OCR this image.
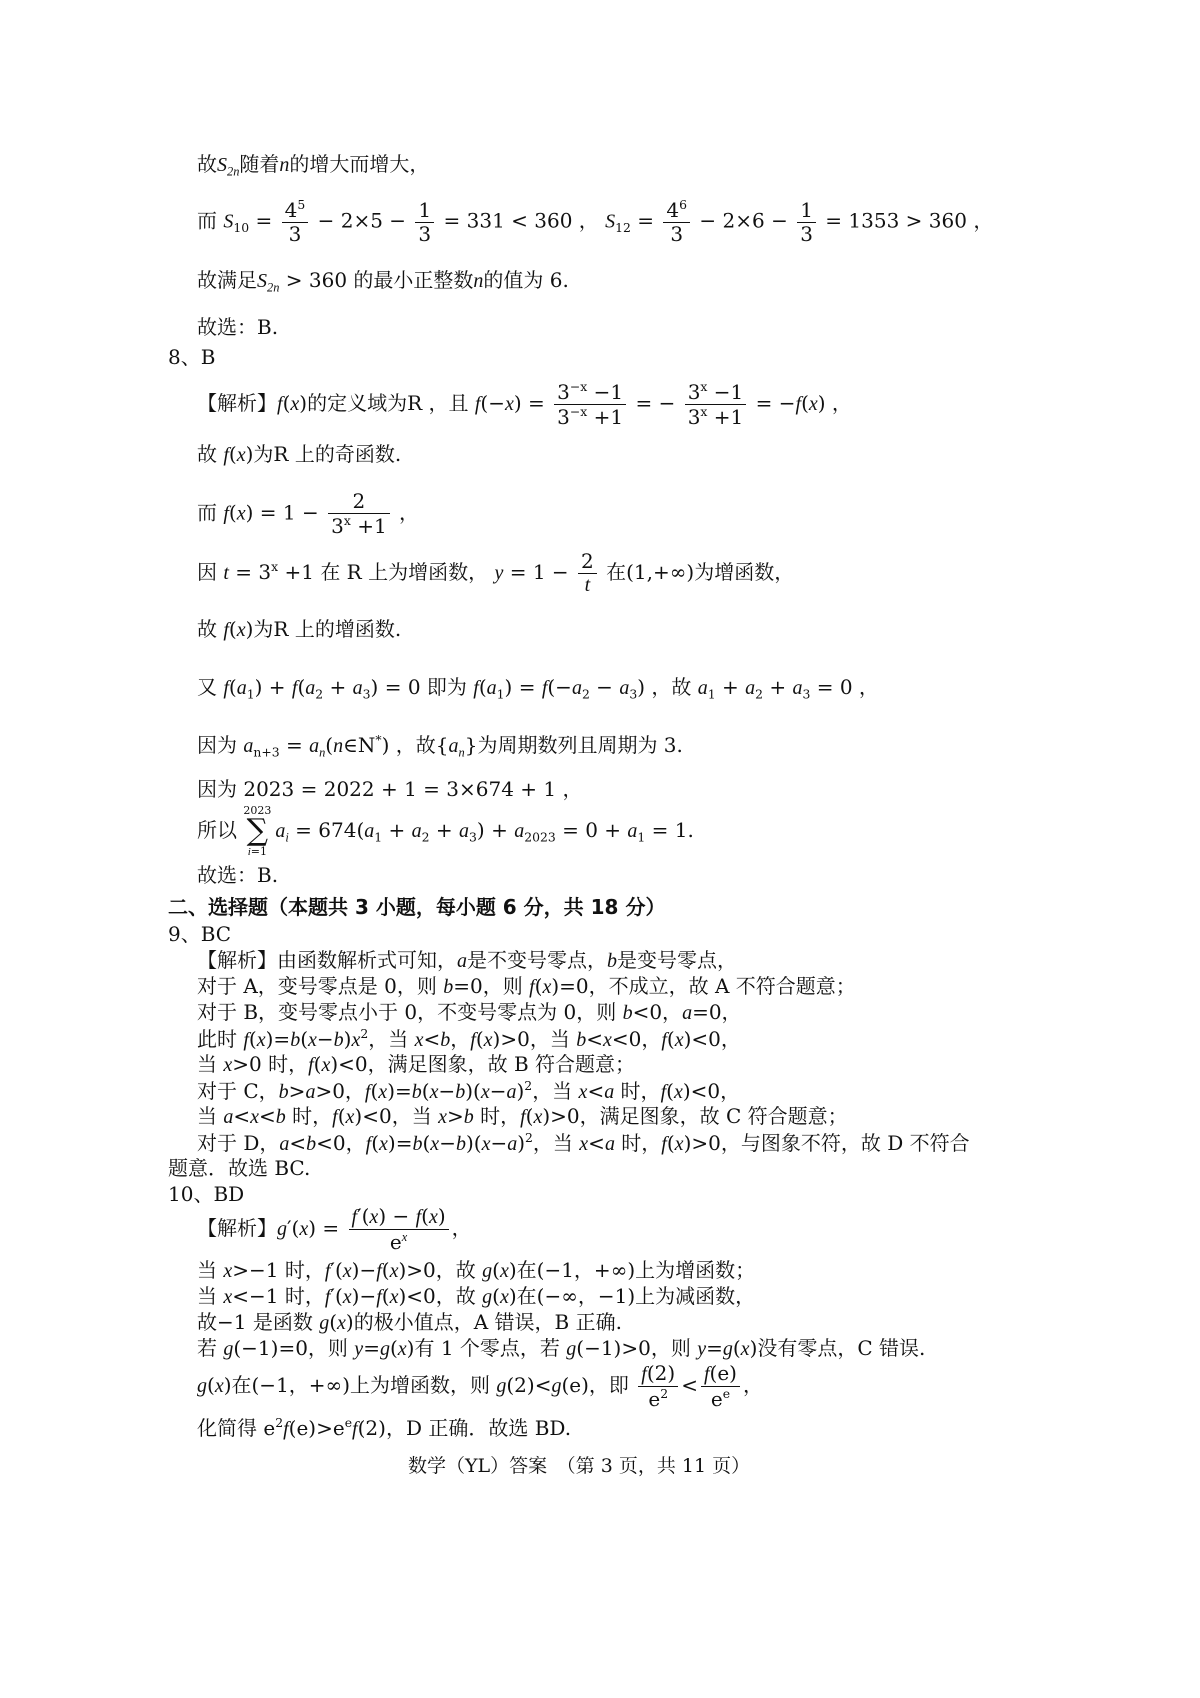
故$S_{2n}$随着n的增大而增大，
而 $S_{10} = \frac{4^5}{3} - 2\times 5 - \frac{1}{3} = 331 < 360$ ， $S_{12} = \frac{4^6}{3} - 2\times 6 - \frac{1}{3} = 1353 > 360$ ，
故满足$S_{2n} > 360$ 的最小正整数n的值为 6.
故选：B.
8、B
【解析】f(x)的定义域为R ，且 $f(-x) = \frac{3^{-x} -1}{3^{-x} +1}$ = − $\frac{3^x -1}{3^x +1} = -f(x)$ ，
故 f(x)为R 上的奇函数.
而 $f(x) = 1 - \frac{2}{3^x +1}$ ，
因 $t = 3^x +1$ 在 R 上为增函数， $y = 1 - \frac{2}{t}$ 在(1,+∞)为增函数，
故 f(x)为R 上的增函数.
又 $f(a_1) + f(a_2 + a_3) = 0$ 即为 $f(a_1) = f(-a_2 - a_3)$ ，故 $a_1 + a_2 + a_3 = 0$ ，
因为 $a_{n+3}$ = $a_n(n\in N^*)$ ，故$\{a_n\}$为周期数列且周期为 3.
因为 2023 = 2022 + 1 = 3×674 + 1 ，
所以
2023
∑
i=1
$a_i = 674(a_1 + a_2 + a_3) + a_{2023} = 0 + a_1 = 1$.
故选：B.
二、选择题（本题共 3 小题，每小题 6 分，共 18 分）
9、BC
【解析】由函数解析式可知，a是不变号零点，b是变号零点，
对于 A，变号零点是 0，则 b=0，则 f(x)=0，不成立，故 A 不符合题意；
对于 B，变号零点小于 0，不变号零点为 0，则 b<0，a=0，
此时 $f(x)=b(x-b)x^2$，当 x<b，f(x)>0，当 b<x<0，f(x)<0，
当 x>0 时，f(x)<0，满足图象，故 B 符合题意；
对于 C，b>a>0，$f(x)=b(x-b)(x-a)^2$，当 x<a 时，f(x)<0，
当 a<x<b 时，f(x)<0，当 x>b 时，f(x)>0，满足图象，故 C 符合题意；
对于 D，a<b<0，$f(x)=b(x-b)(x-a)^2$，当 x<a 时，f(x)>0，与图象不符，故 D 不符合
题意．故选 BC.
10、BD
【解析】$g'(x) = \frac{f'(x) - f(x)}{e^x}$ ，
当 x>−1 时，f′(x)−f(x)>0，故 g(x)在(−1，+∞)上为增函数；
当 x<−1 时，f′(x)−f(x)<0，故 g(x)在(−∞，−1)上为减函数，
故−1 是函数 g(x)的极小值点，A 错误，B 正确.
若 g(−1)=0，则 y=g(x)有 1 个零点，若 g(−1)>0，则 y=g(x)没有零点，C 错误.
g(x)在(−1，+∞)上为增函数，则 g(2)<g(e)，即 $\frac{f(2)}{e^2} < \frac{f(e)}{e^e}$ ，
化简得 $e^2f(e)>e^ef(2)$，D 正确．故选 BD.
数学（YL）答案　（第 3 页，共 11 页）
